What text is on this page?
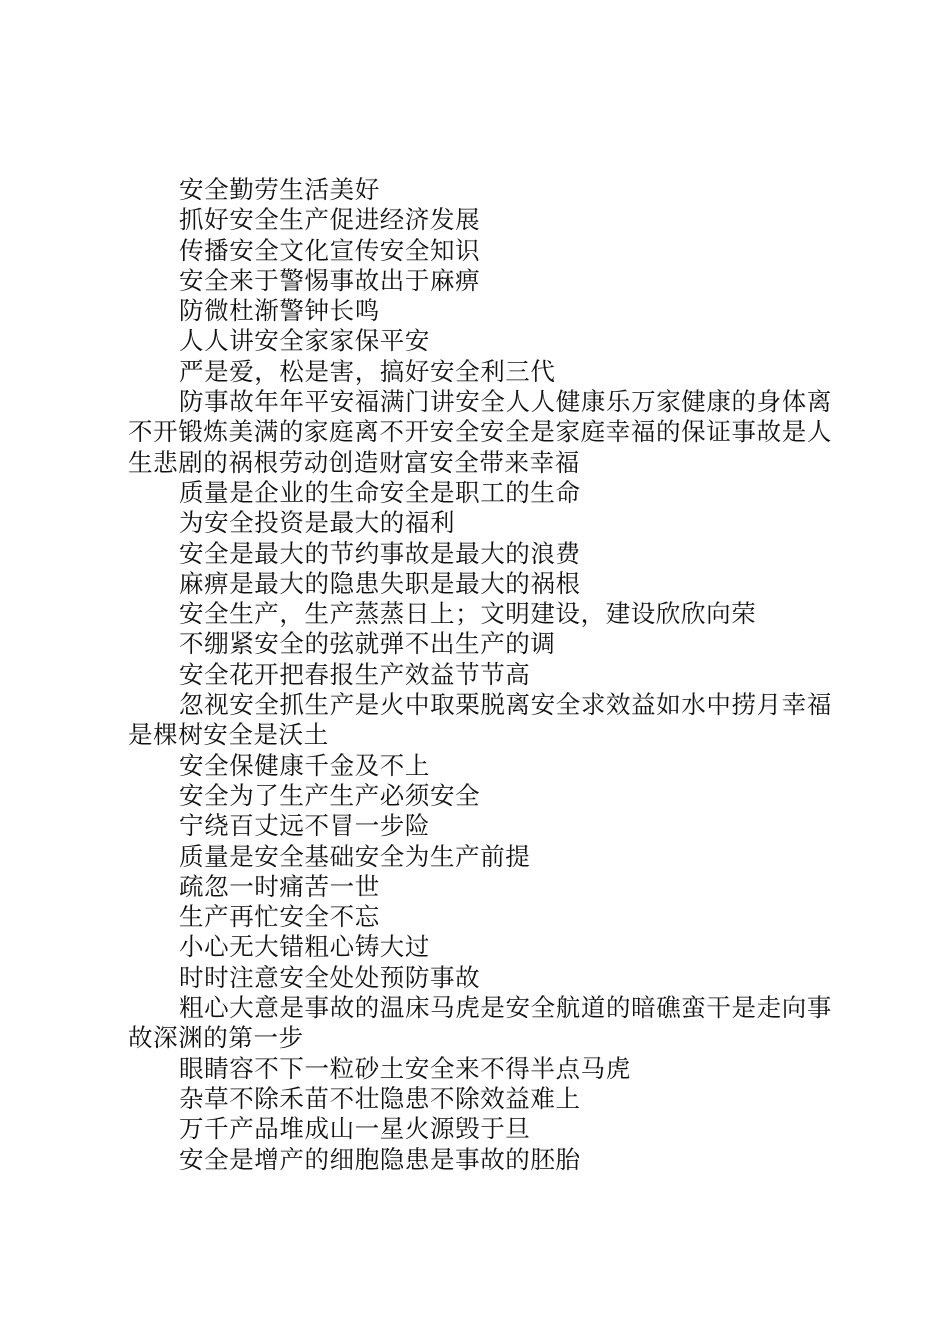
安全勤劳生活美好

抓好安全生产促进经济发展

传播安全文化宣传安全知识

安全来于警惕事故出于麻痹

防微杜渐警钟长鸣

人人讲安全家家保平安

严是爱，松是害，搞好安全利三代

防事故年年平安福满门讲安全人人健康乐万家健康的身体离不开锻炼美满的家庭离不开安全安全是家庭幸福的保证事故是人生悲剧的祸根劳动创造财富安全带来幸福

质量是企业的生命安全是职工的生命

为安全投资是最大的福利

安全是最大的节约事故是最大的浪费

麻痹是最大的隐患失职是最大的祸根

安全生产，生产蒸蒸日上；文明建设，建设欣欣向荣

不绷紧安全的弦就弹不出生产的调

安全花开把春报生产效益节节高

忽视安全抓生产是火中取栗脱离安全求效益如水中捞月幸福是棵树安全是沃土

安全保健康千金及不上

安全为了生产生产必须安全

宁绕百丈远不冒一步险

质量是安全基础安全为生产前提

疏忽一时痛苦一世

生产再忙安全不忘

小心无大错粗心铸大过

时时注意安全处处预防事故

粗心大意是事故的温床马虎是安全航道的暗礁蛮干是走向事故深渊的第一步

眼睛容不下一粒砂土安全来不得半点马虎

杂草不除禾苗不壮隐患不除效益难上

万千产品堆成山一星火源毁于旦

安全是增产的细胞隐患是事故的胚胎
